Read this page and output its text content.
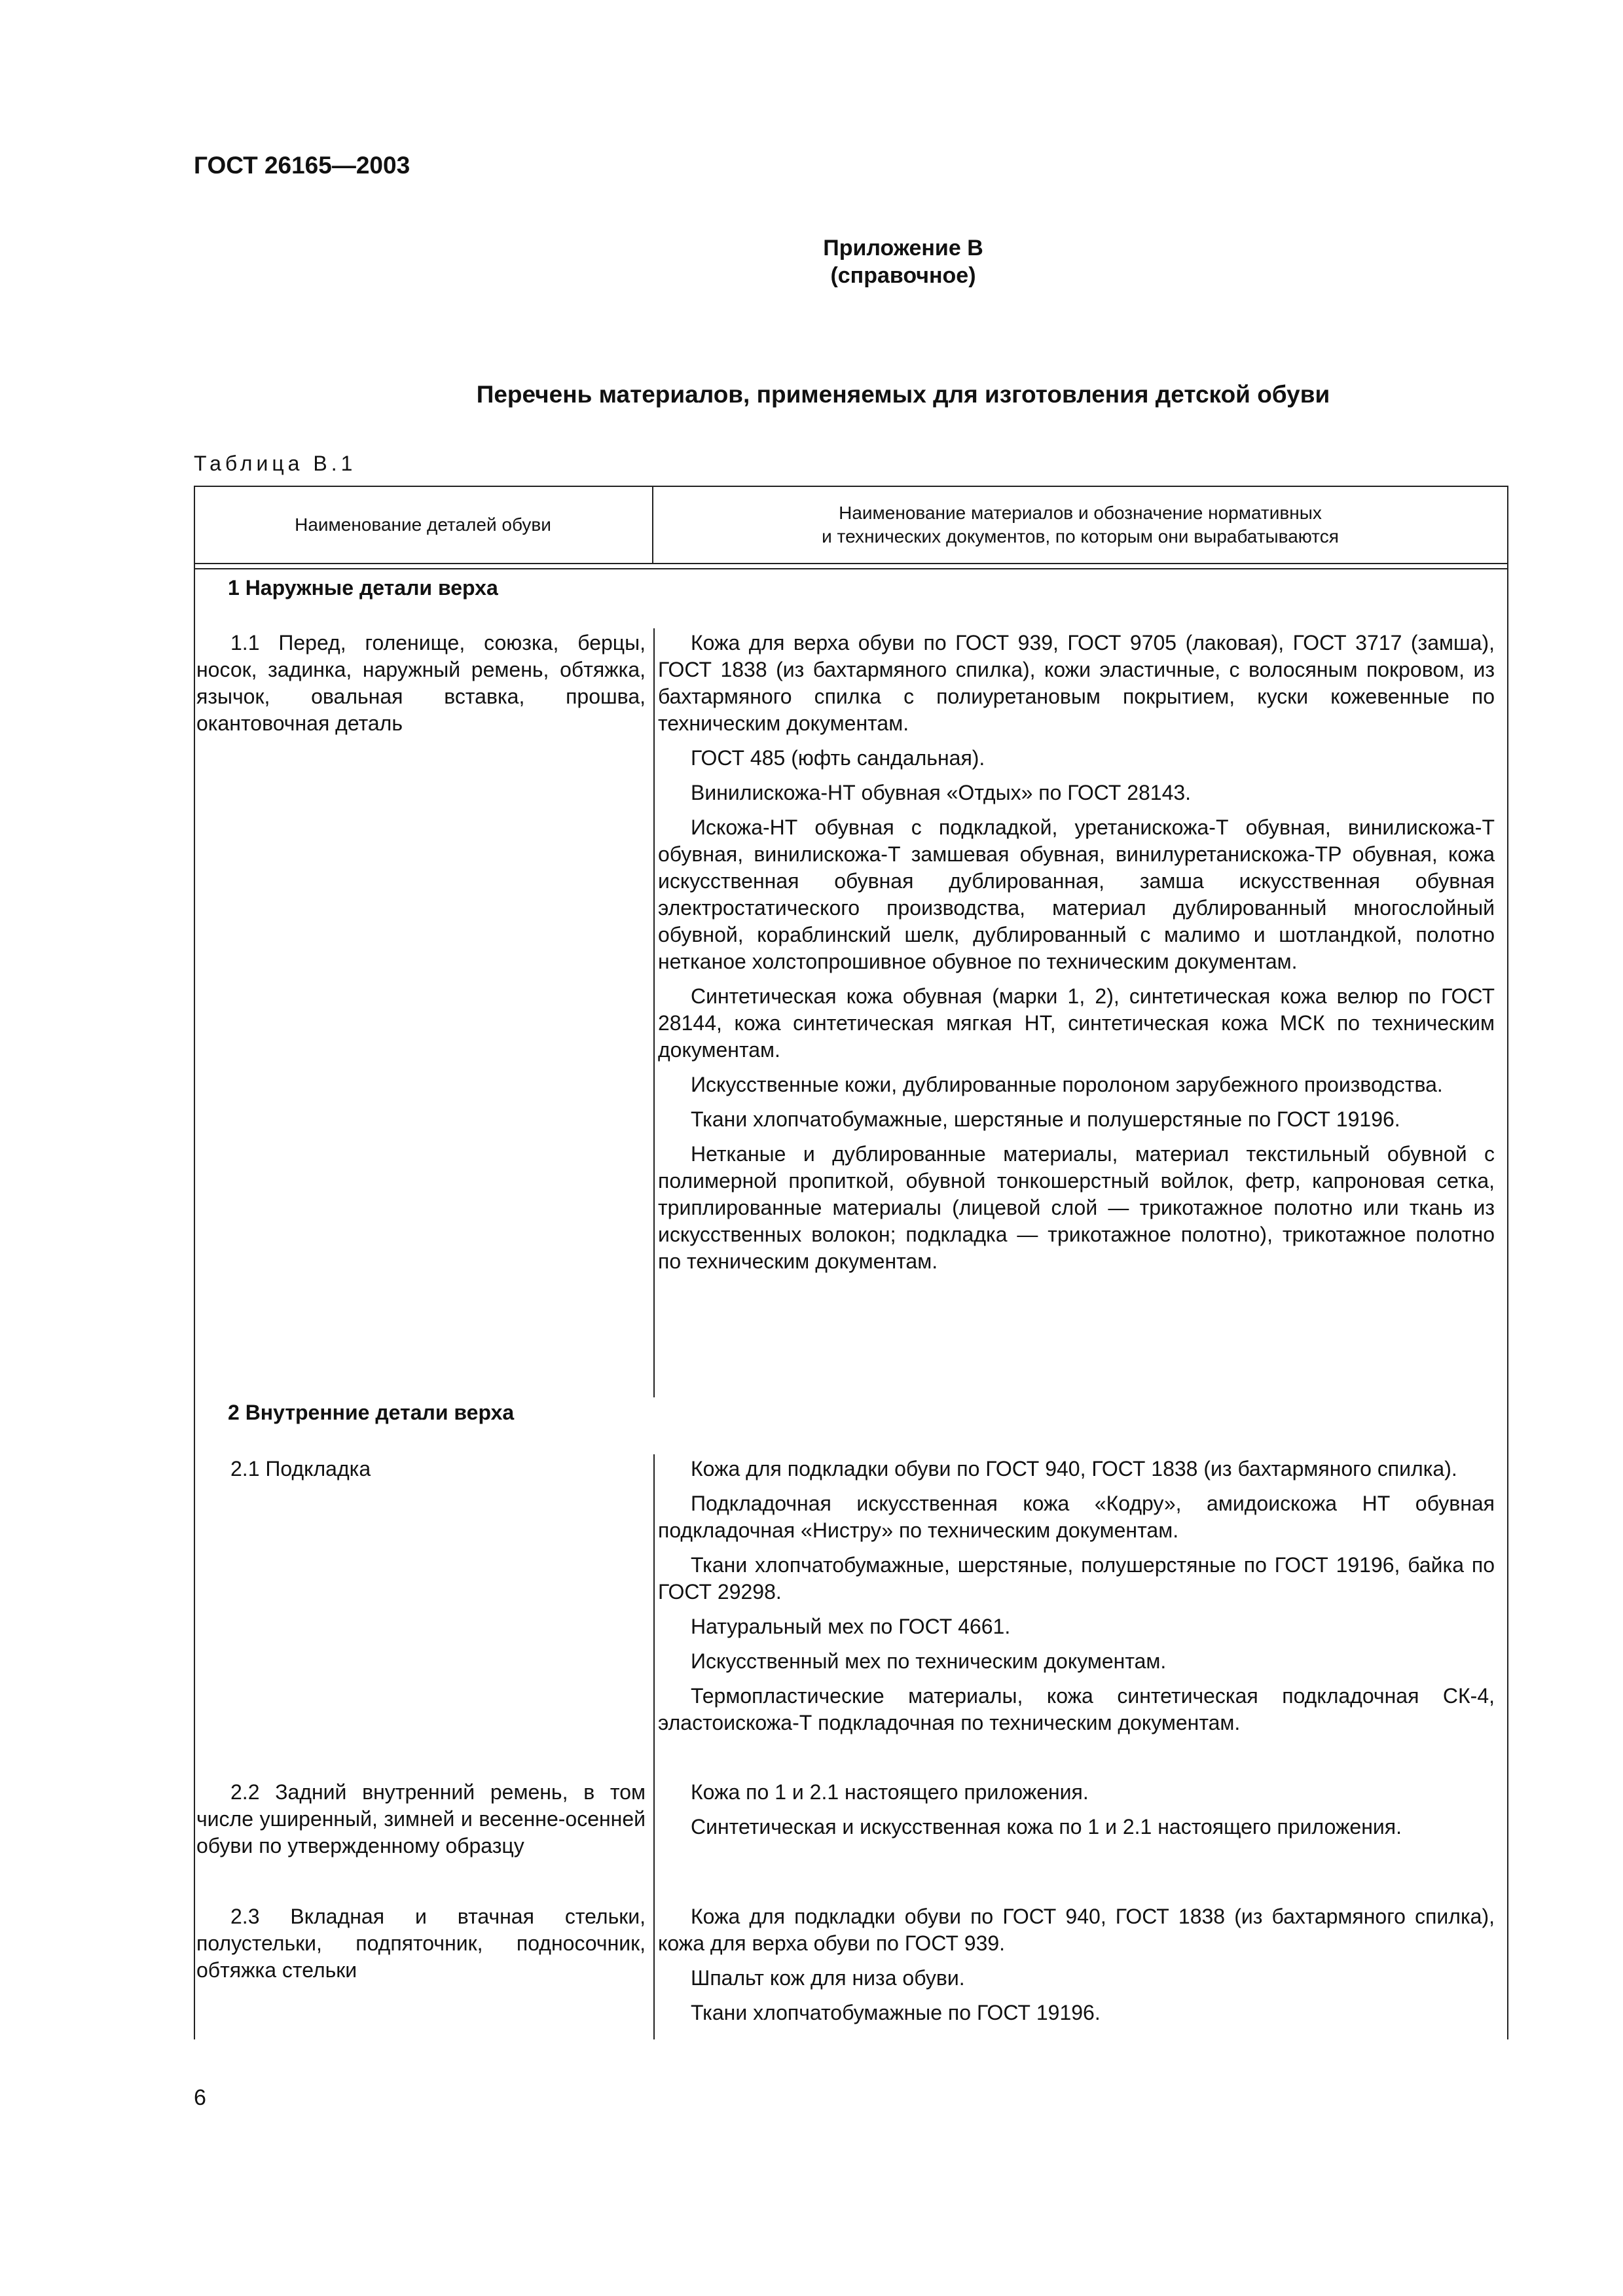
ГОСТ 26165—2003
Приложение В
(справочное)
Перечень материалов, применяемых для изготовления детской обуви
Таблица В.1
Наименование деталей обуви
Наименование материалов и обозначение нормативных
и технических документов, по которым они вырабатываются
1 Наружные детали верха
1.1 Перед, голенище, союзка, берцы, носок, задинка, наружный ремень, обтяжка, язычок, овальная вставка, прошва, окантовочная деталь

Кожа для верха обуви по ГОСТ 939, ГОСТ 9705 (лаковая), ГОСТ 3717 (замша), ГОСТ 1838 (из бахтармяного спилка), кожи эластичные, с волосяным покровом, из бахтармяного спилка с полиуретановым покрытием, куски кожевенные по техническим документам.

ГОСТ 485 (юфть сандальная).

Винилискожа-НТ обувная «Отдых» по ГОСТ 28143.

Искожа-НТ обувная с подкладкой, уретанискожа-Т обувная, винилискожа-Т обувная, винилискожа-Т замшевая обувная, винилуретанискожа-ТР обувная, кожа искусственная обувная дублированная, замша искусственная обувная электростатического производства, материал дублированный многослойный обувной, кораблинский шелк, дублированный с малимо и шотландкой, полотно нетканое холстопрошивное обувное по техническим документам.

Синтетическая кожа обувная (марки 1, 2), синтетическая кожа велюр по ГОСТ 28144, кожа синтетическая мягкая НТ, синтетическая кожа МСК по техническим документам.

Искусственные кожи, дублированные поролоном зарубежного производства.

Ткани хлопчатобумажные, шерстяные и полушерстяные по ГОСТ 19196.

Нетканые и дублированные материалы, материал текстильный обувной с полимерной пропиткой, обувной тонкошерстный войлок, фетр, капроновая сетка, триплированные материалы (лицевой слой — трикотажное полотно или ткань из искусственных волокон; подкладка — трикотажное полотно), трикотажное полотно по техническим документам.

2 Внутренние детали верха
2.1 Подкладка	Кожа для подкладки обуви по ГОСТ 940, ГОСТ 1838 (из бахтармяного спилка).

Подкладочная искусственная кожа «Кодру», амидоискожа НТ обувная подкладочная «Нистру» по техническим документам.

Ткани хлопчатобумажные, шерстяные, полушерстяные по ГОСТ 19196, байка по ГОСТ 29298.

Натуральный мех по ГОСТ 4661.

Искусственный мех по техническим документам.

Термопластические материалы, кожа синтетическая подкладочная СК-4, эластоискожа-Т подкладочная по техническим документам.

2.2 Задний внутренний ремень, в том числе уширенный, зимней и весенне-осенней обуви по утвержденному образцу

Кожа по 1 и 2.1 настоящего приложения.

Синтетическая и искусственная кожа по 1 и 2.1 настоящего приложения.

2.3 Вкладная и втачная стельки, полустельки, подпяточник, подносочник, обтяжка стельки

Кожа для подкладки обуви по ГОСТ 940, ГОСТ 1838 (из бахтармяного спилка), кожа для верха обуви по ГОСТ 939.

Шпальт кож для низа обуви.

Ткани хлопчатобумажные по ГОСТ 19196.

6
